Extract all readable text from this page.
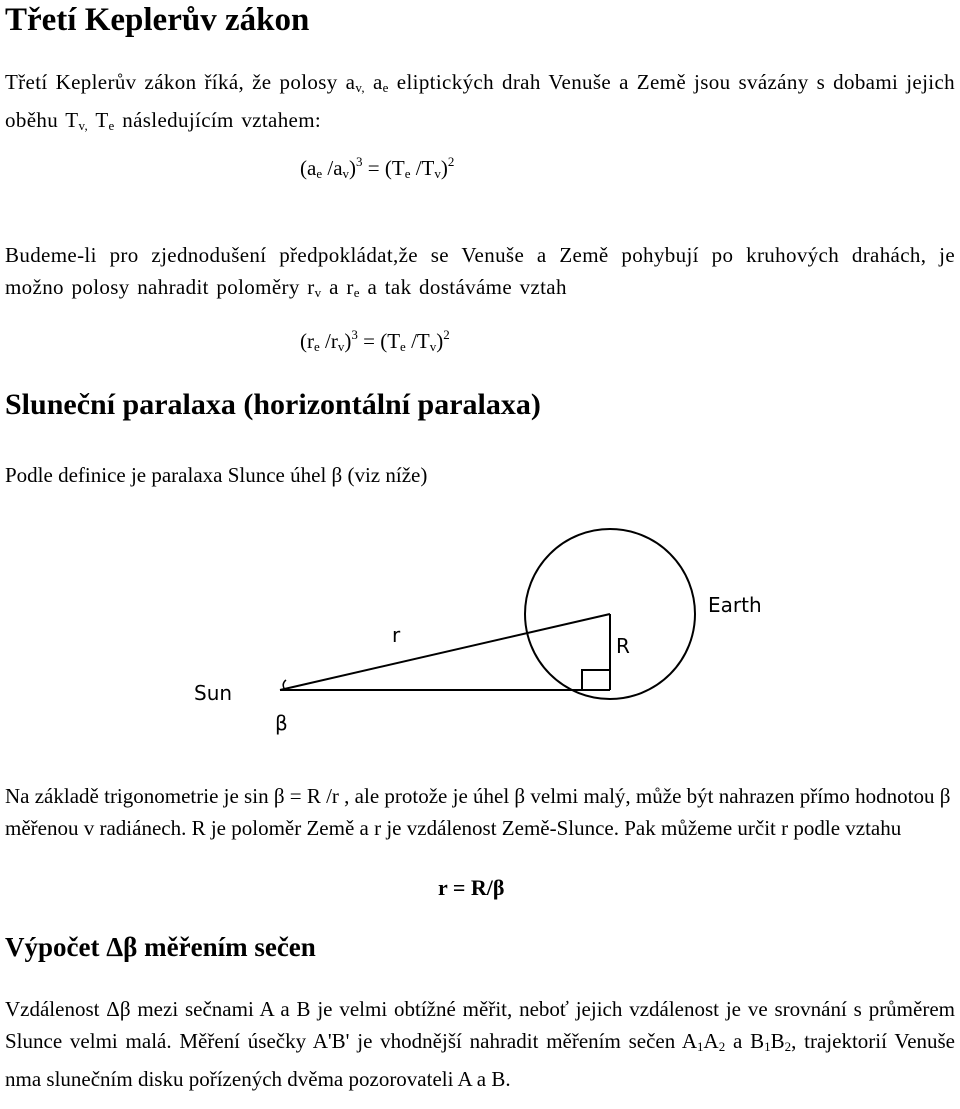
Třetí Keplerův zákon
Třetí Keplerův zákon říká, že polosy $a_{v,}$ $a_e$ eliptických drah Venuše a Země jsou svázány s dobami jejich oběhu $T_{v,}$ $T_e$ následujícím vztahem:
($a_e$ $/a_v)^3 = (T_e$ $/T_v)^2$
Budeme-li pro zjednodušení předpokládat,že se Venuše a Země pohybují po kruhových drahách, je možno polosy nahradit poloměry $r_v$ a $r_e$ a tak dostáváme vztah
($r_e$ $/r_v)^3 = (T_e$ $/T_v)^2$
Sluneční paralaxa (horizontální paralaxa)
Podle definice je paralaxa Slunce úhel β (viz níže)
r	R
Earth
Sun
β
Na základě trigonometrie je sin β = R /r , ale protože je úhel β velmi malý, může být nahrazen přímo hodnotou β měřenou v radiánech. R je poloměr Země a r je vzdálenost Země-Slunce. Pak můžeme určit r podle vztahu
r = R/β
Výpočet Δβ měřením sečen
Vzdálenost Δβ mezi sečnami A a B je velmi obtížné měřit, neboť jejich vzdálenost je ve srovnání s průměrem Slunce velmi malá. Měření úsečky A'B' je vhodnější nahradit měřením sečen $A_1A_2$ a $B_1B_2$, trajektorií Venuše nma slunečním disku pořízených dvěma pozorovateli A a B.
